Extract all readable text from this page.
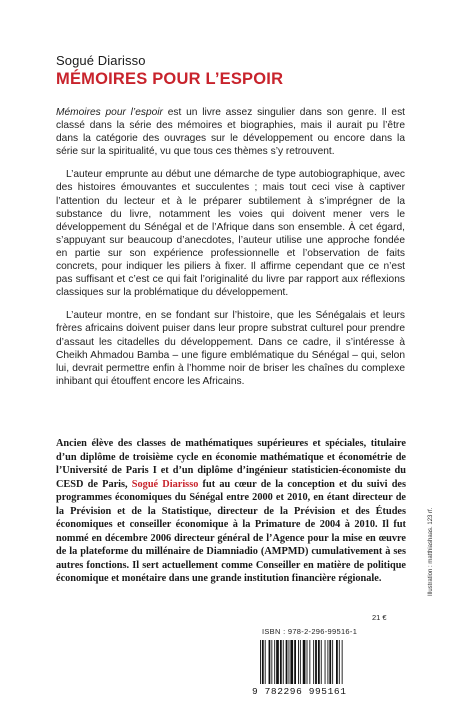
Sogué Diarisso
MÉMOIRES POUR L’ESPOIR

Mémoires pour l’espoir est un livre assez singulier dans son genre. Il est classé dans la série des mémoires et biographies, mais il aurait pu l’être dans la catégorie des ouvrages sur le développement ou encore dans la série sur la spiritualité, vu que tous ces thèmes s’y retrouvent.

L’auteur emprunte au début une démarche de type autobiographique, avec des histoires émouvantes et succulentes ; mais tout ceci vise à captiver l’attention du lecteur et à le préparer subtilement à s’imprégner de la substance du livre, notamment les voies qui doivent mener vers le développement du Sénégal et de l’Afrique dans son ensemble. À cet égard, s’appuyant sur beaucoup d’anecdotes, l’auteur utilise une approche fondée en partie sur son expérience professionnelle et l’observation de faits concrets, pour indiquer les piliers à fixer. Il affirme cependant que ce n’est pas suffisant et c’est ce qui fait l’originalité du livre par rapport aux réflexions classiques sur la problématique du développement.

L’auteur montre, en se fondant sur l’histoire, que les Sénégalais et leurs frères africains doivent puiser dans leur propre substrat culturel pour prendre d’assaut les citadelles du développement. Dans ce cadre, il s’intéresse à Cheikh Ahmadou Bamba – une figure emblématique du Sénégal – qui, selon lui, devrait permettre enfin à l’homme noir de briser les chaînes du complexe inhibant qui étouffent encore les Africains.

Ancien élève des classes de mathématiques supérieures et spéciales, titulaire d’un diplôme de troisième cycle en économie mathématique et économétrie de l’Université de Paris I et d’un diplôme d’ingénieur statisticien-économiste du CESD de Paris, Sogué Diarisso fut au cœur de la conception et du suivi des programmes économiques du Sénégal entre 2000 et 2010, en étant directeur de la Prévision et de la Statistique, directeur de la Prévision et des Études économiques et conseiller économique à la Primature de 2004 à 2010. Il fut nommé en décembre 2006 directeur général de l’Agence pour la mise en œuvre de la plateforme du millénaire de Diamniadio (AMPMD) cumulativement à ses autres fonctions. Il sert actuellement comme Conseiller en matière de politique économique et monétaire dans une grande institution financière régionale.
21 €
ISBN : 978-2-296-99516-1
9 782296 995161
Illustration : matthiashaas. 123 rf.
